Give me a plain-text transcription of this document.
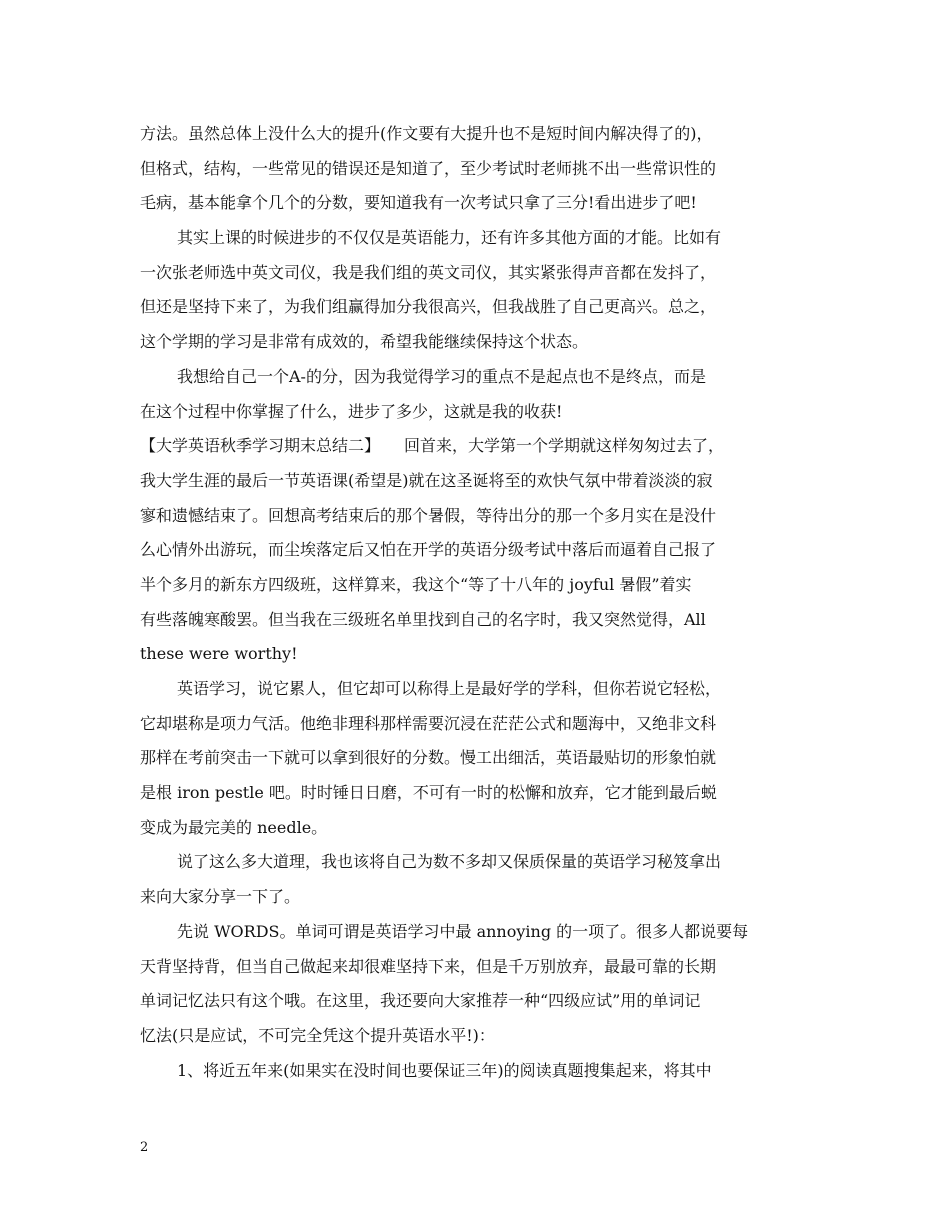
方法。虽然总体上没什么大的提升(作文要有大提升也不是短时间内解决得了的)，
但格式，结构，一些常见的错误还是知道了，至少考试时老师挑不出一些常识性的
毛病，基本能拿个几个的分数，要知道我有一次考试只拿了三分!看出进步了吧!
其实上课的时候进步的不仅仅是英语能力，还有许多其他方面的才能。比如有
一次张老师选中英文司仪，我是我们组的英文司仪，其实紧张得声音都在发抖了，
但还是坚持下来了，为我们组赢得加分我很高兴，但我战胜了自己更高兴。总之，
这个学期的学习是非常有成效的，希望我能继续保持这个状态。
我想给自己一个A-的分，因为我觉得学习的重点不是起点也不是终点，而是
在这个过程中你掌握了什么，进步了多少，这就是我的收获!
【大学英语秋季学习期末总结二】　　回首来，大学第一个学期就这样匆匆过去了，
我大学生涯的最后一节英语课(希望是)就在这圣诞将至的欢快气氛中带着淡淡的寂
寥和遗憾结束了。回想高考结束后的那个暑假，等待出分的那一个多月实在是没什
么心情外出游玩，而尘埃落定后又怕在开学的英语分级考试中落后而逼着自己报了
半个多月的新东方四级班，这样算来，我这个“等了十八年的 joyful 暑假”着实
有些落魄寒酸罢。但当我在三级班名单里找到自己的名字时，我又突然觉得，All
these were worthy!
英语学习，说它累人，但它却可以称得上是最好学的学科，但你若说它轻松，
它却堪称是项力气活。他绝非理科那样需要沉浸在茫茫公式和题海中，又绝非文科
那样在考前突击一下就可以拿到很好的分数。慢工出细活，英语最贴切的形象怕就
是根 iron pestle 吧。时时锤日日磨，不可有一时的松懈和放弃，它才能到最后蜕
变成为最完美的 needle。
说了这么多大道理，我也该将自己为数不多却又保质保量的英语学习秘笈拿出
来向大家分享一下了。
先说 WORDS。单词可谓是英语学习中最 annoying 的一项了。很多人都说要每
天背坚持背，但当自己做起来却很难坚持下来，但是千万别放弃，最最可靠的长期
单词记忆法只有这个哦。在这里，我还要向大家推荐一种“四级应试”用的单词记
忆法(只是应试，不可完全凭这个提升英语水平!)：
1、将近五年来(如果实在没时间也要保证三年)的阅读真题搜集起来，将其中
2
